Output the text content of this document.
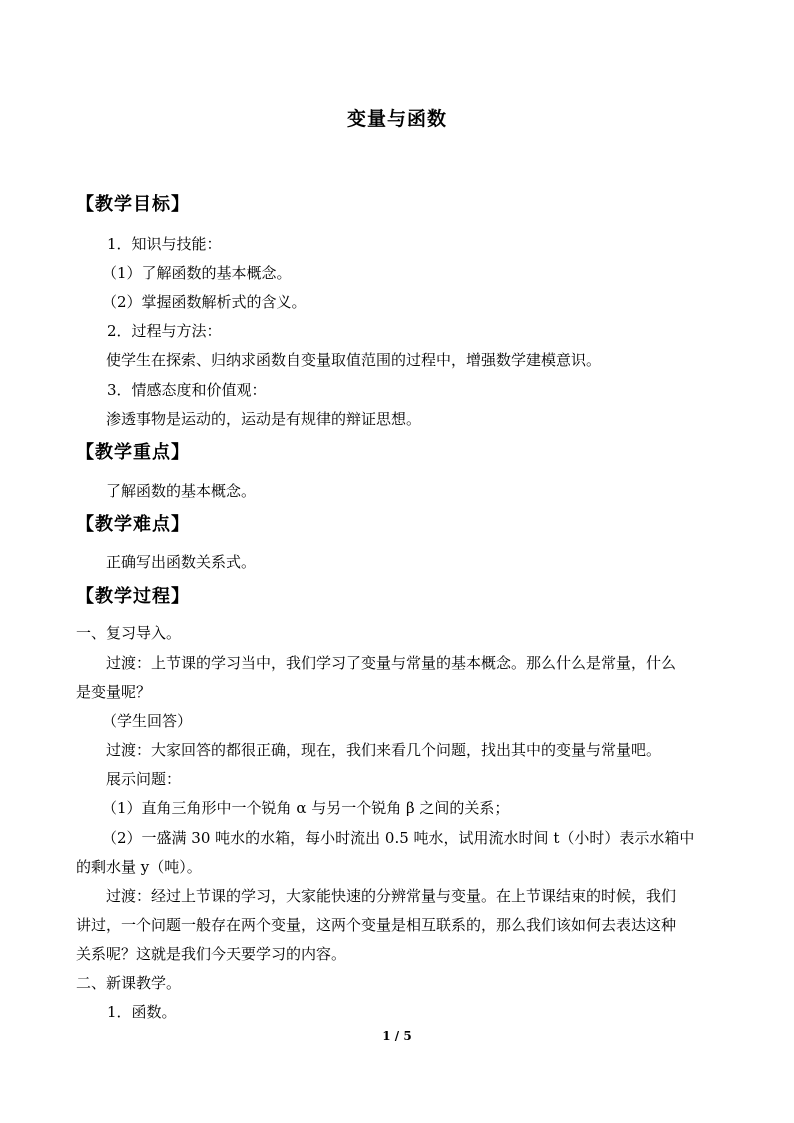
变量与函数
【教学目标】
1．知识与技能：
（1）了解函数的基本概念。
（2）掌握函数解析式的含义。
2．过程与方法：
使学生在探索、归纳求函数自变量取值范围的过程中，增强数学建模意识。
3．情感态度和价值观：
渗透事物是运动的，运动是有规律的辩证思想。
【教学重点】
了解函数的基本概念。
【教学难点】
正确写出函数关系式。
【教学过程】
一、复习导入。
过渡：上节课的学习当中，我们学习了变量与常量的基本概念。那么什么是常量，什么
是变量呢？
（学生回答）
过渡：大家回答的都很正确，现在，我们来看几个问题，找出其中的变量与常量吧。
展示问题：
（1）直角三角形中一个锐角 α 与另一个锐角 β 之间的关系；
（2）一盛满 30 吨水的水箱，每小时流出 0.5 吨水，试用流水时间 t（小时）表示水箱中
的剩水量 y（吨）。
过渡：经过上节课的学习，大家能快速的分辨常量与变量。在上节课结束的时候，我们
讲过，一个问题一般存在两个变量，这两个变量是相互联系的，那么我们该如何去表达这种
关系呢？这就是我们今天要学习的内容。
二、新课教学。
1．函数。
1 / 5
